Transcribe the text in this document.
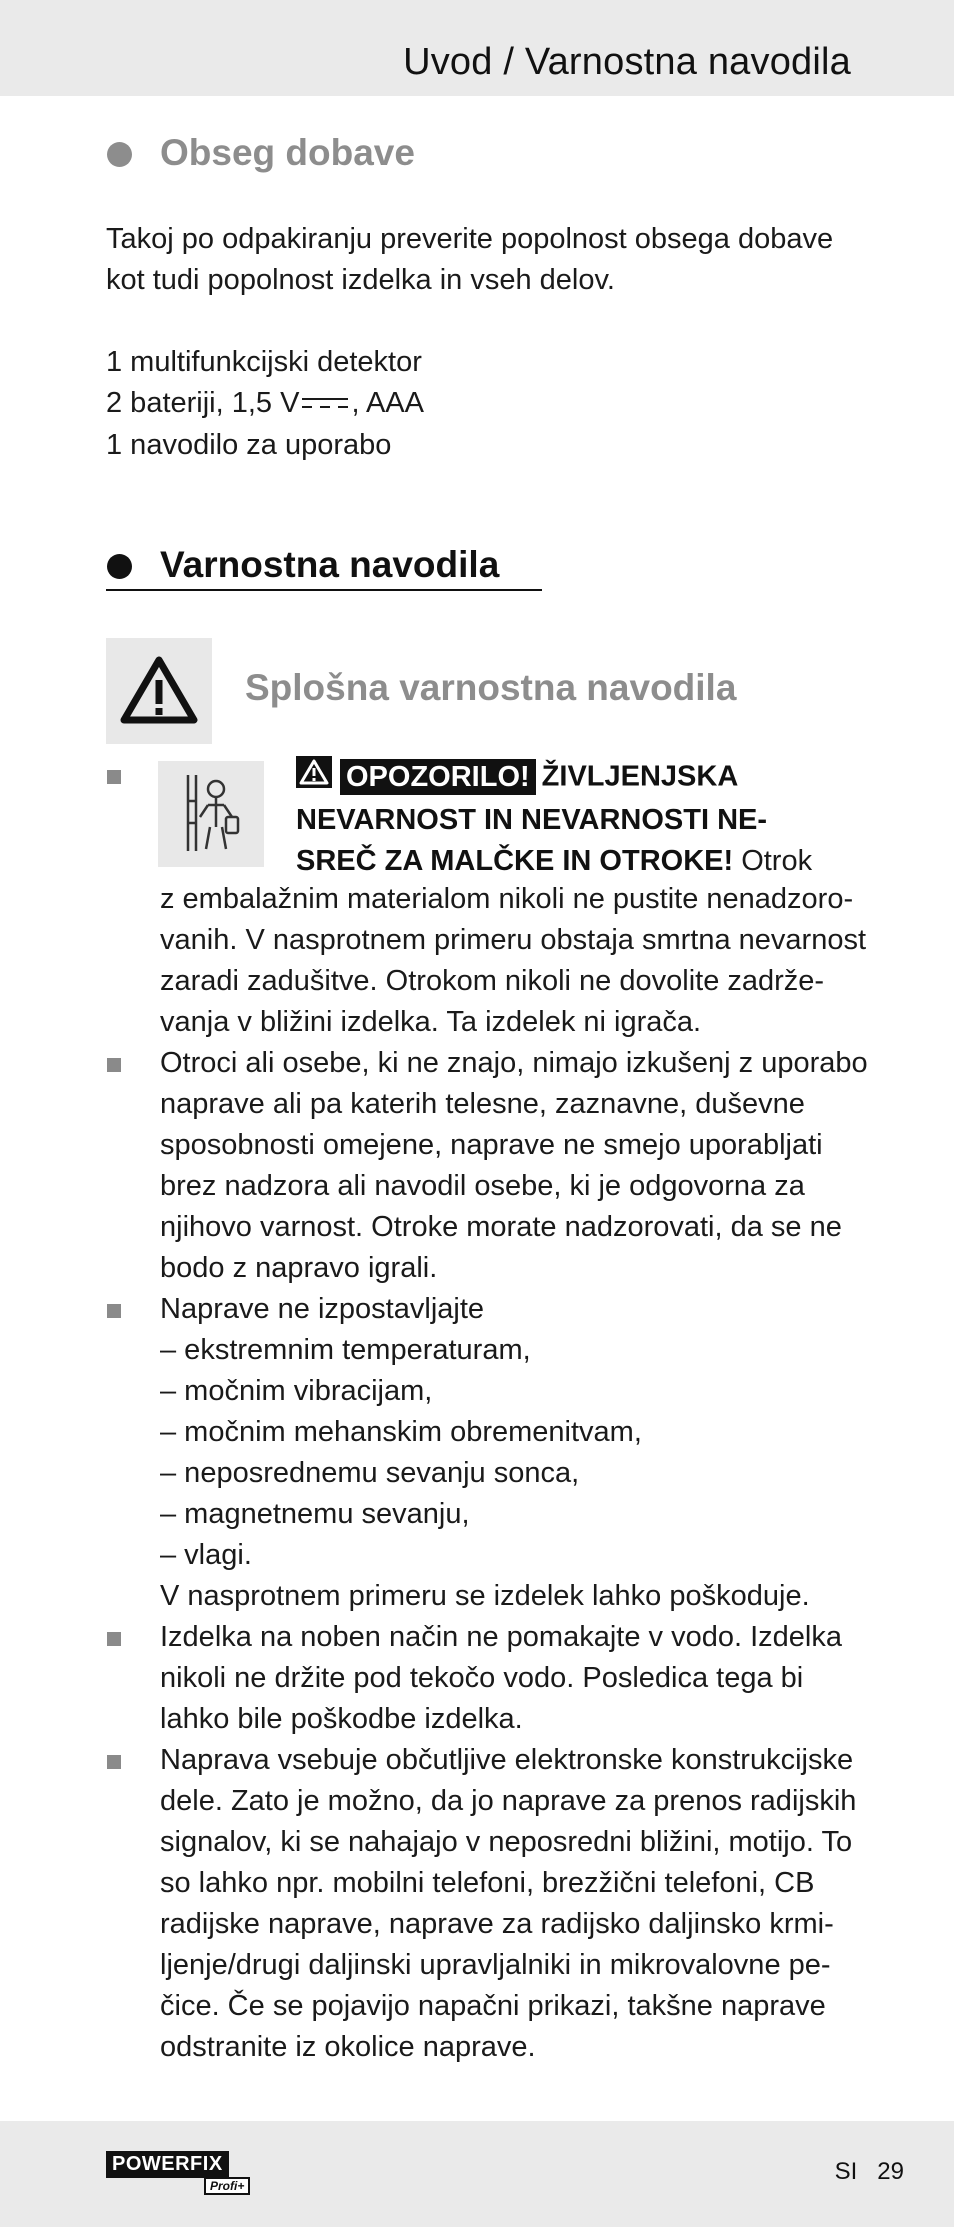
Uvod / Varnostna navodila
Obseg dobave

Takoj po odpakiranju preverite popolnost obsega dobave

kot tudi popolnost izdelka in vseh delov.

1 multifunkcijski detektor

2 bateriji, 1,5 V , AAA

1 navodilo za uporabo

Varnostna navodila
Splošna varnostna navodila

OPOZORILO! ŽIVLJENJSKA

NEVARNOST IN NEVARNOSTI NE-

SREČ ZA MALČKE IN OTROKE! Otrok

z embalažnim materialom nikoli ne pustite nenadzoro-

vanih. V nasprotnem primeru obstaja smrtna nevarnost

zaradi zadušitve. Otrokom nikoli ne dovolite zadrže-

vanja v bližini izdelka. Ta izdelek ni igrača.

Otroci ali osebe, ki ne znajo, nimajo izkušenj z uporabo

naprave ali pa katerih telesne, zaznavne, duševne

sposobnosti omejene, naprave ne smejo uporabljati

brez nadzora ali navodil osebe, ki je odgovorna za

njihovo varnost. Otroke morate nadzorovati, da se ne

bodo z napravo igrali.

Naprave ne izpostavljajte

– ekstremnim temperaturam,

– močnim vibracijam,

– močnim mehanskim obremenitvam,

– neposrednemu sevanju sonca,

– magnetnemu sevanju,

– vlagi.

V nasprotnem primeru se izdelek lahko poškoduje.

Izdelka na noben način ne pomakajte v vodo. Izdelka

nikoli ne držite pod tekočo vodo. Posledica tega bi

lahko bile poškodbe izdelka.

Naprava vsebuje občutljive elektronske konstrukcijske

dele. Zato je možno, da jo naprave za prenos radijskih

signalov, ki se nahajajo v neposredni bližini, motijo. To

so lahko npr. mobilni telefoni, brezžični telefoni, CB

radijske naprave, naprave za radijsko daljinsko krmi-

ljenje/drugi daljinski upravljalniki in mikrovalovne pe-

čice. Če se pojavijo napačni prikazi, takšne naprave

odstranite iz okolice naprave.

POWERFIX
Profi+
SI 29
